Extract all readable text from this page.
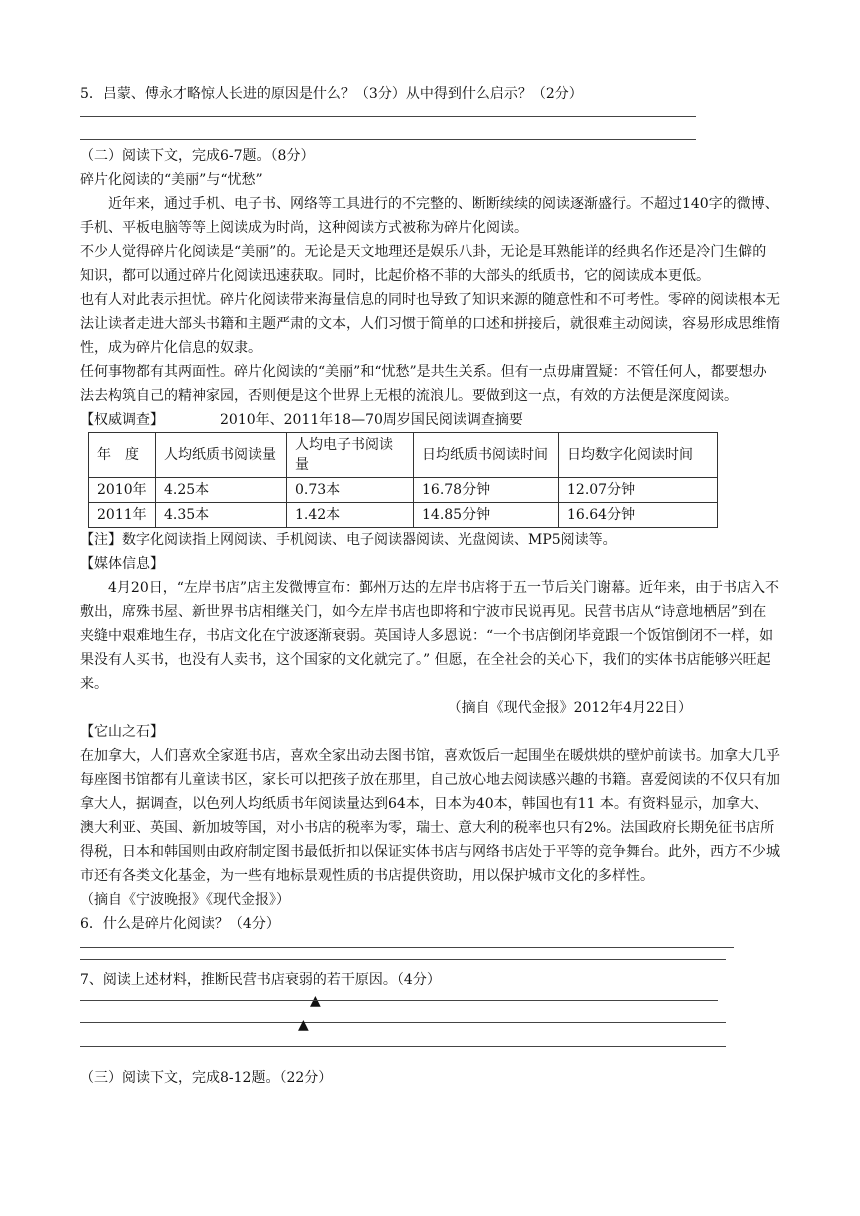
5．吕蒙、傅永才略惊人长进的原因是什么？（3分）从中得到什么启示？（2分）

（二）阅读下文，完成6-7题。（8分）

碎片化阅读的“美丽”与“忧愁”

近年来，通过手机、电子书、网络等工具进行的不完整的、断断续续的阅读逐渐盛行。不超过140字的微博、手机、平板电脑等等上阅读成为时尚，这种阅读方式被称为碎片化阅读。

不少人觉得碎片化阅读是“美丽”的。无论是天文地理还是娱乐八卦，无论是耳熟能详的经典名作还是冷门生僻的知识，都可以通过碎片化阅读迅速获取。同时，比起价格不菲的大部头的纸质书，它的阅读成本更低。

也有人对此表示担忧。碎片化阅读带来海量信息的同时也导致了知识来源的随意性和不可考性。零碎的阅读根本无法让读者走进大部头书籍和主题严肃的文本，人们习惯于简单的口述和拼接后，就很难主动阅读，容易形成思维惰性，成为碎片化信息的奴隶。

任何事物都有其两面性。碎片化阅读的“美丽”和“忧愁”是共生关系。但有一点毋庸置疑：不管任何人，都要想办法去构筑自己的精神家园，否则便是这个世界上无根的流浪儿。要做到这一点，有效的方法便是深度阅读。

【权威调查】	2010年、2011年18—70周岁国民阅读调查摘要
年　度	人均纸质书阅读量	人均电子书阅读量	日均纸质书阅读时间	日均数字化阅读时间
2010年	4.25本	0.73本	16.78分钟	12.07分钟
2011年	4.35本	1.42本	14.85分钟	16.64分钟

【注】数字化阅读指上网阅读、手机阅读、电子阅读器阅读、光盘阅读、MP5阅读等。

【媒体信息】

4月20日，“左岸书店”店主发微博宣布：鄞州万达的左岸书店将于五一节后关门谢幕。近年来，由于书店入不敷出，席殊书屋、新世界书店相继关门，如今左岸书店也即将和宁波市民说再见。民营书店从“诗意地栖居”到在夹缝中艰难地生存，书店文化在宁波逐渐衰弱。英国诗人多恩说：“一个书店倒闭毕竟跟一个饭馆倒闭不一样，如果没有人买书，也没有人卖书，这个国家的文化就完了。” 但愿，在全社会的关心下，我们的实体书店能够兴旺起来。

（摘自《现代金报》2012年4月22日）

【它山之石】

在加拿大，人们喜欢全家逛书店，喜欢全家出动去图书馆，喜欢饭后一起围坐在暖烘烘的壁炉前读书。加拿大几乎每座图书馆都有儿童读书区，家长可以把孩子放在那里，自己放心地去阅读感兴趣的书籍。喜爱阅读的不仅只有加拿大人，据调查，以色列人均纸质书年阅读量达到64本，日本为40本，韩国也有11 本。有资料显示，加拿大、澳大利亚、英国、新加坡等国，对小书店的税率为零，瑞士、意大利的税率也只有2%。法国政府长期免征书店所得税，日本和韩国则由政府制定图书最低折扣以保证实体书店与网络书店处于平等的竞争舞台。此外，西方不少城市还有各类文化基金，为一些有地标景观性质的书店提供资助，用以保护城市文化的多样性。

（摘自《宁波晚报》《现代金报》）

6．什么是碎片化阅读？（4分）

7、阅读上述材料，推断民营书店衰弱的若干原因。（4分）

▲
▲

（三）阅读下文，完成8-12题。（22分）
